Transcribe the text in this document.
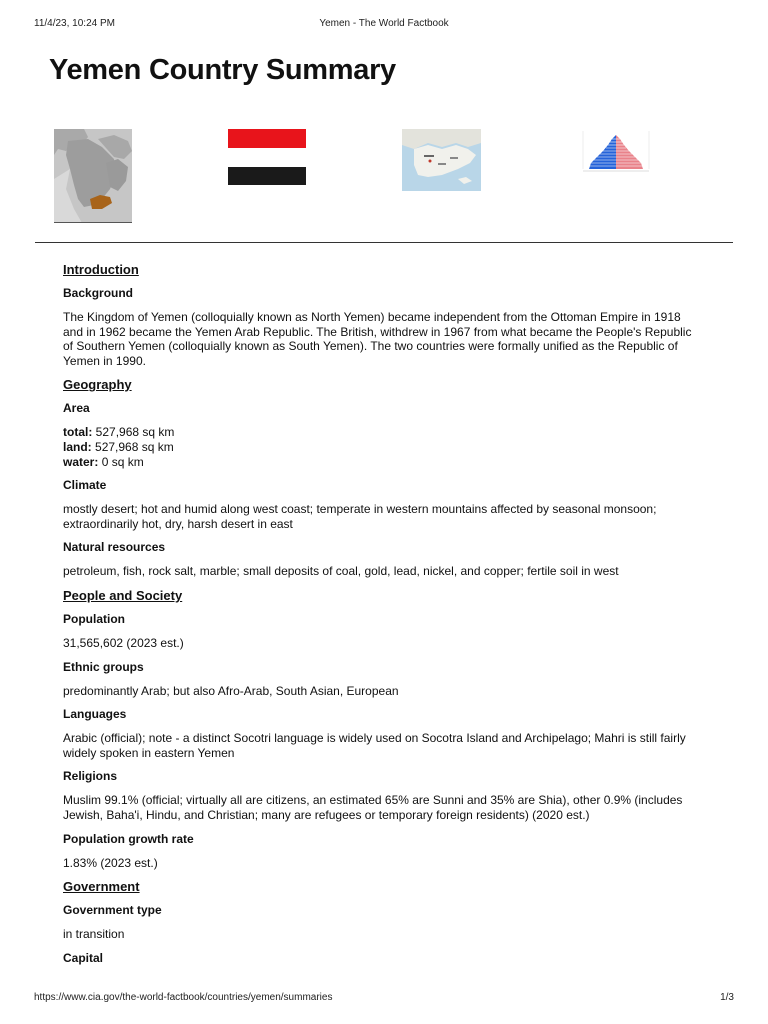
11/4/23, 10:24 PM	Yemen - The World Factbook
Yemen Country Summary
Introduction
Background

The Kingdom of Yemen (colloquially known as North Yemen) became independent from the Ottoman Empire in 1918 and in 1962 became the Yemen Arab Republic. The British, withdrew in 1967 from what became the People's Republic of Southern Yemen (colloquially known as South Yemen). The two countries were formally unified as the Republic of Yemen in 1990.

Geography
Area
total: 527,968 sq km
land: 527,968 sq km
water: 0 sq km
Climate

mostly desert; hot and humid along west coast; temperate in western mountains affected by seasonal monsoon; extraordinarily hot, dry, harsh desert in east

Natural resources

petroleum, fish, rock salt, marble; small deposits of coal, gold, lead, nickel, and copper; fertile soil in west

People and Society
Population

31,565,602 (2023 est.)

Ethnic groups

predominantly Arab; but also Afro-Arab, South Asian, European

Languages

Arabic (official); note - a distinct Socotri language is widely used on Socotra Island and Archipelago; Mahri is still fairly widely spoken in eastern Yemen

Religions

Muslim 99.1% (official; virtually all are citizens, an estimated 65% are Sunni and 35% are Shia), other 0.9% (includes Jewish, Baha'i, Hindu, and Christian; many are refugees or temporary foreign residents) (2020 est.)

Population growth rate

1.83% (2023 est.)

Government
Government type

in transition

Capital
https://www.cia.gov/the-world-factbook/countries/yemen/summaries	1/3
